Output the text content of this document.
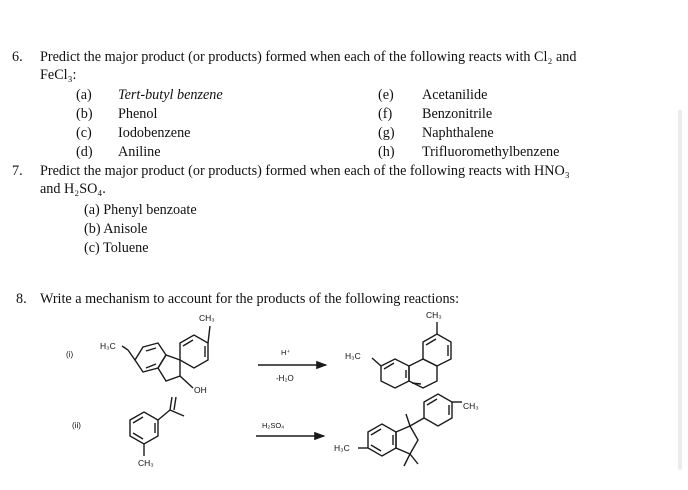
6. Predict the major product (or products) formed when each of the following reacts with Cl₂ and
FeCl₃:
(a) Tert-butyl benzene
(b) Phenol
(c) Iodobenzene
(d) Aniline
(e) Acetanilide
(f) Benzonitrile
(g) Naphthalene
(h) Trifluoromethylbenzene
7. Predict the major product (or products) formed when each of the following reacts with HNO₃
and H₂SO₄.
(a) Phenyl benzoate
(b) Anisole
(c) Toluene
8. Write a mechanism to account for the products of the following reactions:
(i)
H₃C
CH₃
OH
H⁺
-H₂O
H₃C
CH₃
(ii)
CH₃
H₂SO₄
CH₃
H₃C
